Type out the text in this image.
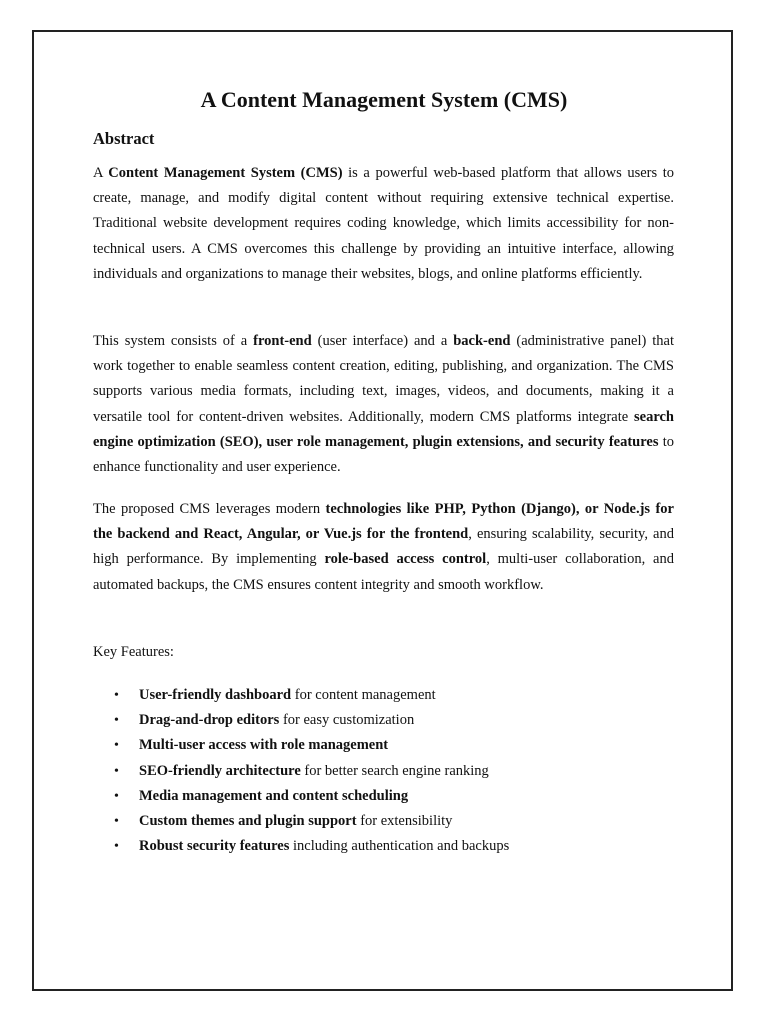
A Content Management System (CMS)
Abstract

A Content Management System (CMS) is a powerful web-based platform that allows users to create, manage, and modify digital content without requiring extensive technical expertise. Traditional website development requires coding knowledge, which limits accessibility for non-technical users. A CMS overcomes this challenge by providing an intuitive interface, allowing individuals and organizations to manage their websites, blogs, and online platforms efficiently.

This system consists of a front-end (user interface) and a back-end (administrative panel) that work together to enable seamless content creation, editing, publishing, and organization. The CMS supports various media formats, including text, images, videos, and documents, making it a versatile tool for content-driven websites. Additionally, modern CMS platforms integrate search engine optimization (SEO), user role management, plugin extensions, and security features to enhance functionality and user experience.

The proposed CMS leverages modern technologies like PHP, Python (Django), or Node.js for the backend and React, Angular, or Vue.js for the frontend, ensuring scalability, security, and high performance. By implementing role-based access control, multi-user collaboration, and automated backups, the CMS ensures content integrity and smooth workflow.

Key Features:

• User-friendly dashboard for content management
• Drag-and-drop editors for easy customization
• Multi-user access with role management
• SEO-friendly architecture for better search engine ranking
• Media management and content scheduling
• Custom themes and plugin support for extensibility
• Robust security features including authentication and backups
